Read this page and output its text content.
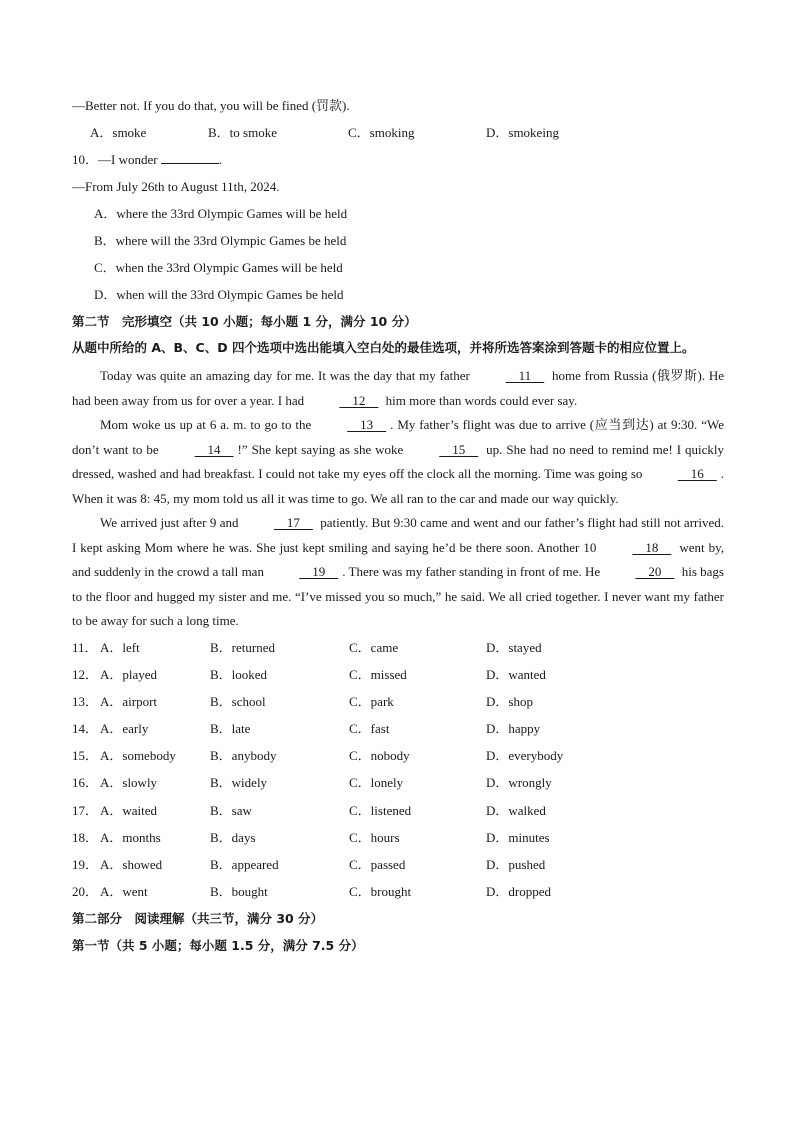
—Better not. If you do that, you will be fined (罚款).
A．smoke	B．to smoke	C．smoking	D．smokeing
10．—I wonder	.
—From July 26th to August 11th, 2024.
A．where the 33rd Olympic Games will be held
B．where will the 33rd Olympic Games be held
C．when the 33rd Olympic Games will be held
D．when will the 33rd Olympic Games be held
第二节　完形填空（共 10 小题；每小题 1 分，满分 10 分）
从题中所给的 A、B、C、D 四个选项中选出能填入空白处的最佳选项，并将所选答案涂到答题卡的相应位置上。

Today was quite an amazing day for me. It was the day that my father   11   home from Russia (俄罗斯). He had been away from us for over a year. I had   12   him more than words could ever say.

Mom woke us up at 6 a. m. to go to the   13  . My father’s flight was due to arrive (应当到达) at 9:30. “We don’t want to be   14  !” She kept saying as she woke   15   up. She had no need to remind me! I quickly dressed, washed and had breakfast. I could not take my eyes off the clock all the morning. Time was going so   16  . When it was 8: 45, my mom told us all it was time to go. We all ran to the car and made our way quickly.

We arrived just after 9 and   17   patiently. But 9:30 came and went and our father’s flight had still not arrived. I kept asking Mom where he was. She just kept smiling and saying he’d be there soon. Another 10   18   went by, and suddenly in the crowd a tall man   19  . There was my father standing in front of me. He   20   his bags to the floor and hugged my sister and me. “I’ve missed you so much,” he said. We all cried together. I never want my father to be away for such a long time.

11． A．left	B．returned	C．came	D．stayed
12． A．played	B．looked	C．missed	D．wanted
13． A．airport	B．school	C．park	D．shop
14． A．early	B．late	C．fast	D．happy
15． A．somebody	B．anybody	C．nobody	D．everybody
16． A．slowly	B．widely	C．lonely	D．wrongly
17． A．waited	B．saw	C．listened	D．walked
18． A．months	B．days	C．hours	D．minutes
19． A．showed	B．appeared	C．passed	D．pushed
20． A．went	B．bought	C．brought	D．dropped
第二部分　阅读理解（共三节，满分 30 分）
第一节（共 5 小题；每小题 1.5 分，满分 7.5 分）
